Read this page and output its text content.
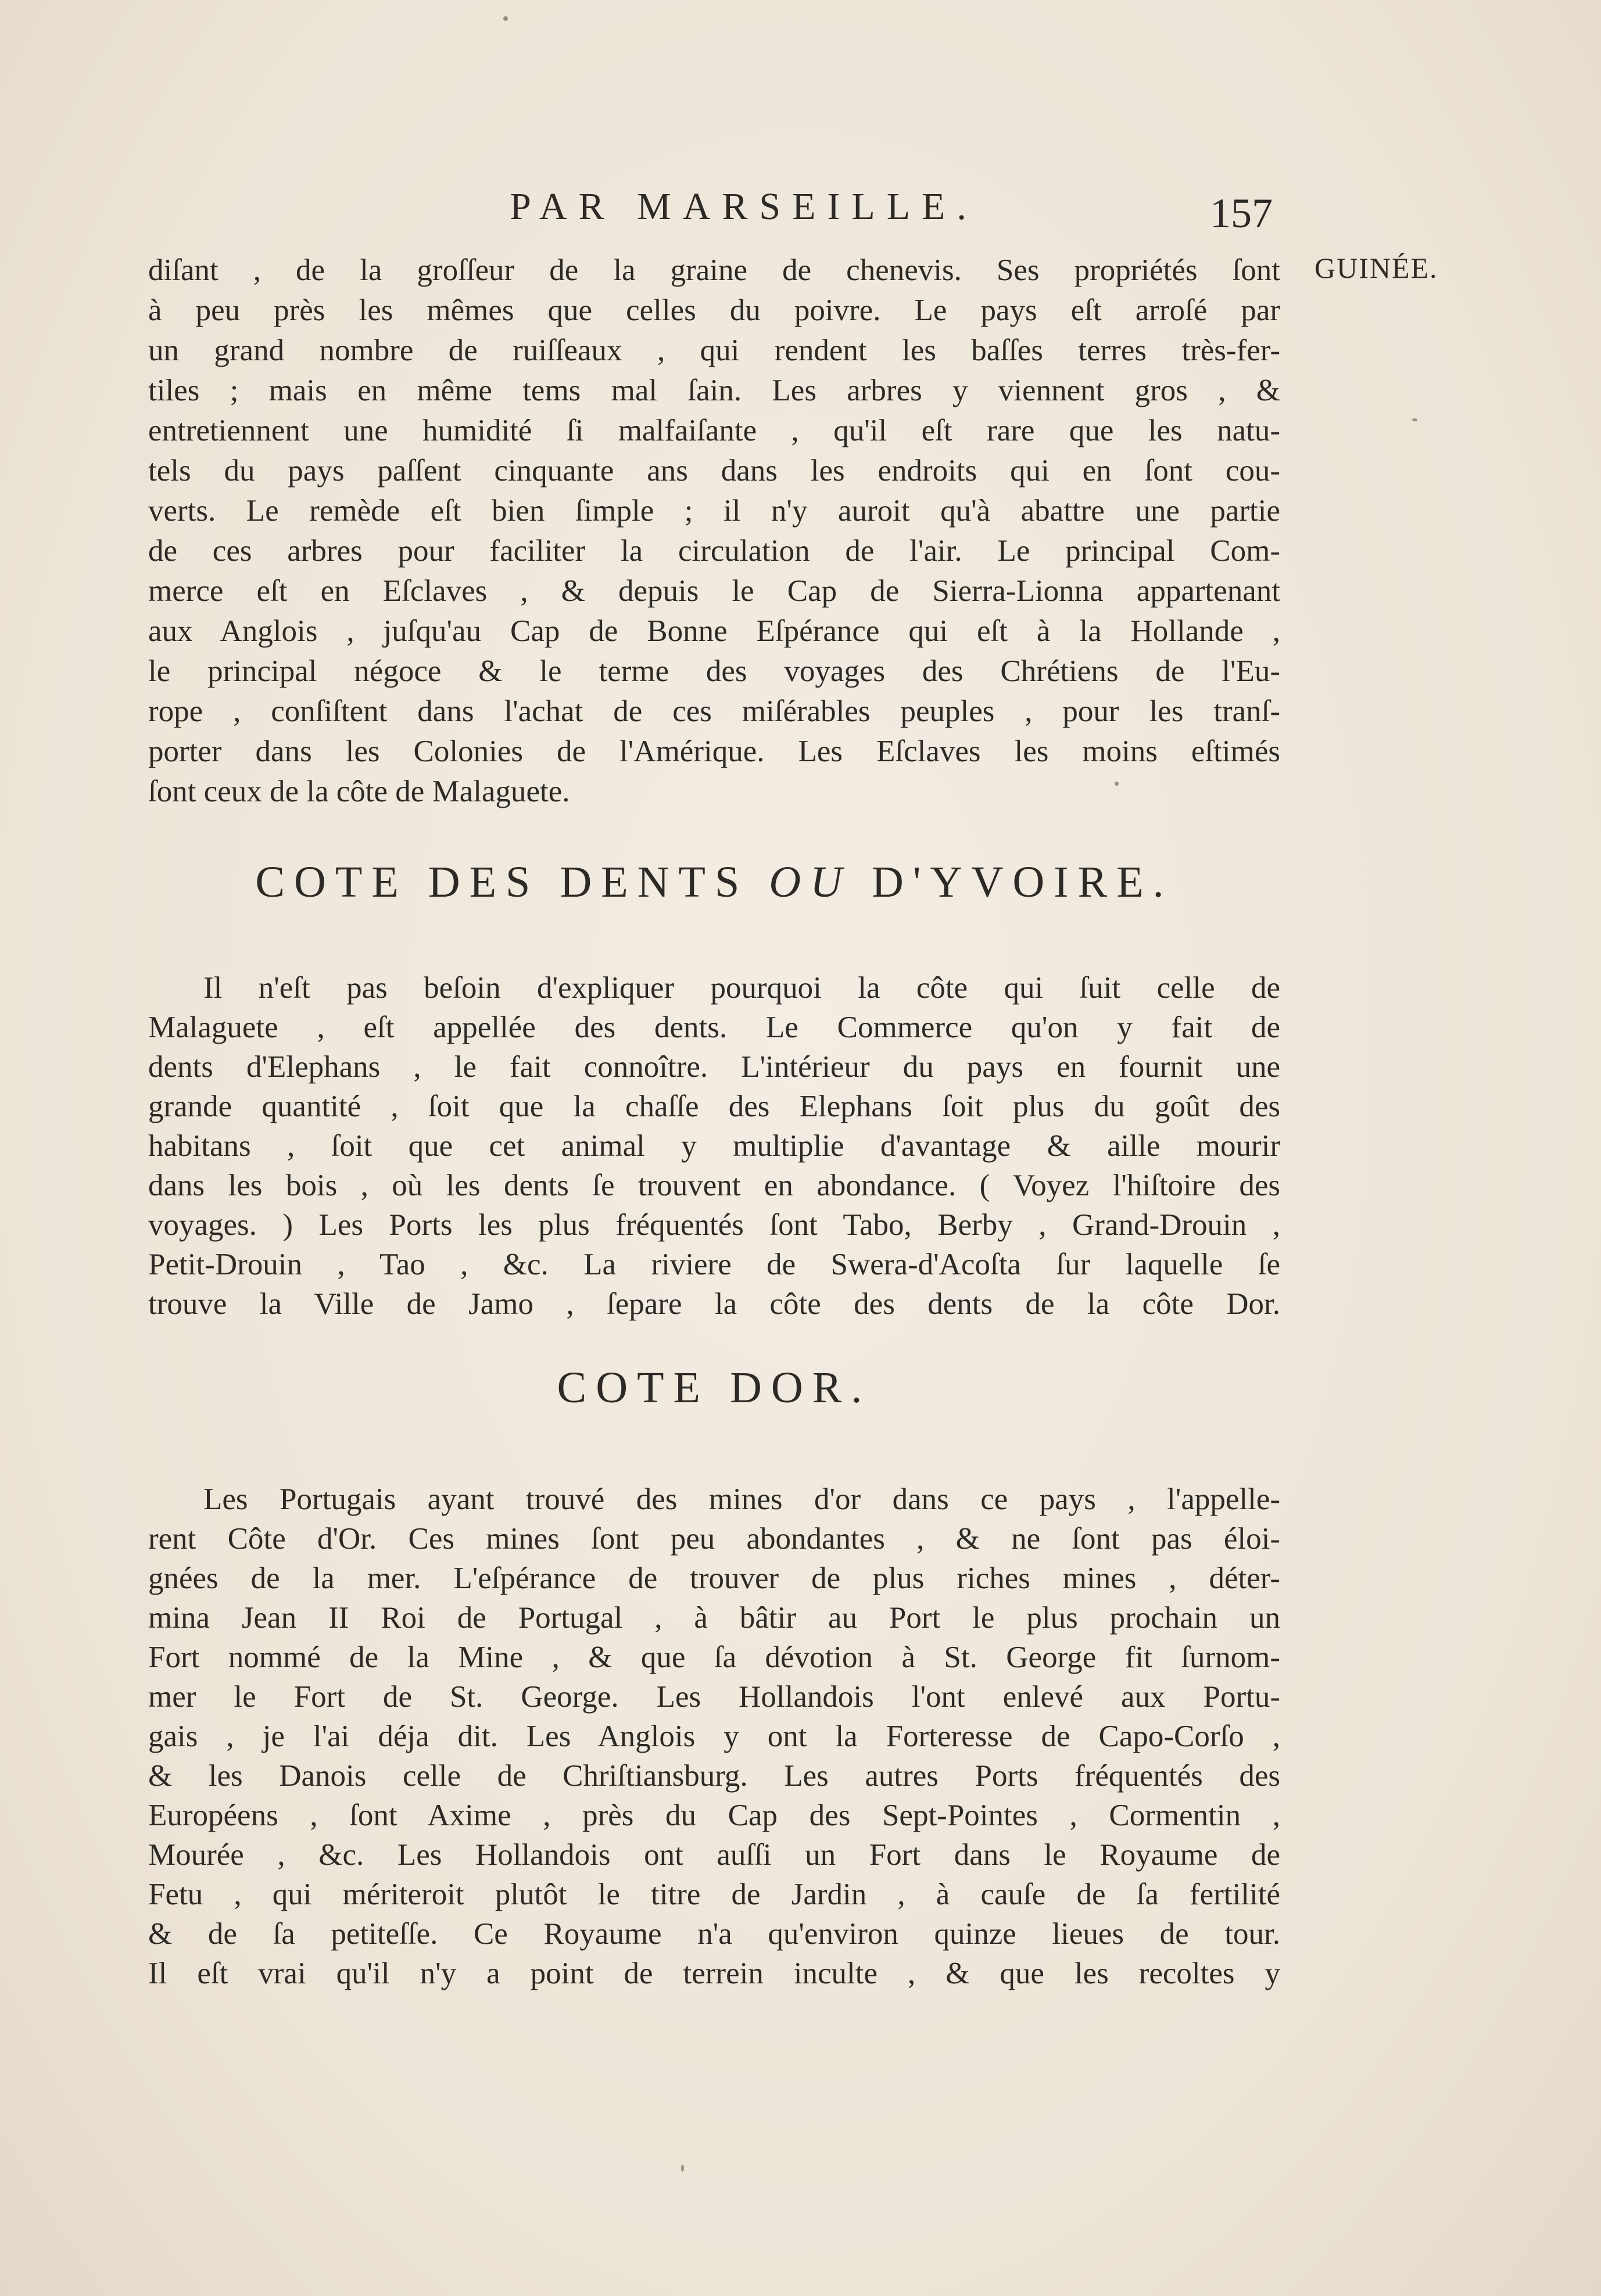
PAR MARSEILLE.	157
GUINÉE.
diſant , de la groſſeur de la graine de chenevis. Ses propriétés ſont
à peu près les mêmes que celles du poivre. Le pays eſt arroſé par
un grand nombre de ruiſſeaux , qui rendent les baſſes terres très-fer-
tiles ; mais en même tems mal ſain. Les arbres y viennent gros , &
entretiennent une humidité ſi malfaiſante , qu'il eſt rare que les natu-
tels du pays paſſent cinquante ans dans les endroits qui en ſont cou-
verts. Le remède eſt bien ſimple ; il n'y auroit qu'à abattre une partie
de ces arbres pour faciliter la circulation de l'air. Le principal Com-
merce eſt en Eſclaves , & depuis le Cap de Sierra-Lionna appartenant
aux Anglois , juſqu'au Cap de Bonne Eſpérance qui eſt à la Hollande ,
le principal négoce & le terme des voyages des Chrétiens de l'Eu-
rope , conſiſtent dans l'achat de ces miſérables peuples , pour les tranſ-
porter dans les Colonies de l'Amérique. Les Eſclaves les moins eſtimés
ſont ceux de la côte de Malaguete.
COTE DES DENTS OU D'YVOIRE.
Il n'eſt pas beſoin d'expliquer pourquoi la côte qui ſuit celle de
Malaguete , eſt appellée des dents. Le Commerce qu'on y fait de
dents d'Elephans , le fait connoître. L'intérieur du pays en fournit une
grande quantité , ſoit que la chaſſe des Elephans ſoit plus du goût des
habitans , ſoit que cet animal y multiplie d'avantage & aille mourir
dans les bois , où les dents ſe trouvent en abondance. ( Voyez l'hiſtoire des
voyages. ) Les Ports les plus fréquentés ſont Tabo, Berby , Grand-Drouin ,
Petit-Drouin , Tao , &c. La riviere de Swera-d'Acoſta ſur laquelle ſe
trouve la Ville de Jamo , ſepare la côte des dents de la côte Dor.
COTE DOR.
Les Portugais ayant trouvé des mines d'or dans ce pays , l'appelle-
rent Côte d'Or. Ces mines ſont peu abondantes , & ne ſont pas éloi-
gnées de la mer. L'eſpérance de trouver de plus riches mines , déter-
mina Jean II Roi de Portugal , à bâtir au Port le plus prochain un
Fort nommé de la Mine , & que ſa dévotion à St. George fit ſurnom-
mer le Fort de St. George. Les Hollandois l'ont enlevé aux Portu-
gais , je l'ai déja dit. Les Anglois y ont la Forteresse de Capo-Corſo ,
& les Danois celle de Chriſtiansburg. Les autres Ports fréquentés des
Européens , ſont Axime , près du Cap des Sept-Pointes , Cormentin ,
Mourée , &c. Les Hollandois ont auſſi un Fort dans le Royaume de
Fetu , qui mériteroit plutôt le titre de Jardin , à cauſe de ſa fertilité
& de ſa petiteſſe. Ce Royaume n'a qu'environ quinze lieues de tour.
Il eſt vrai qu'il n'y a point de terrein inculte , & que les recoltes y
